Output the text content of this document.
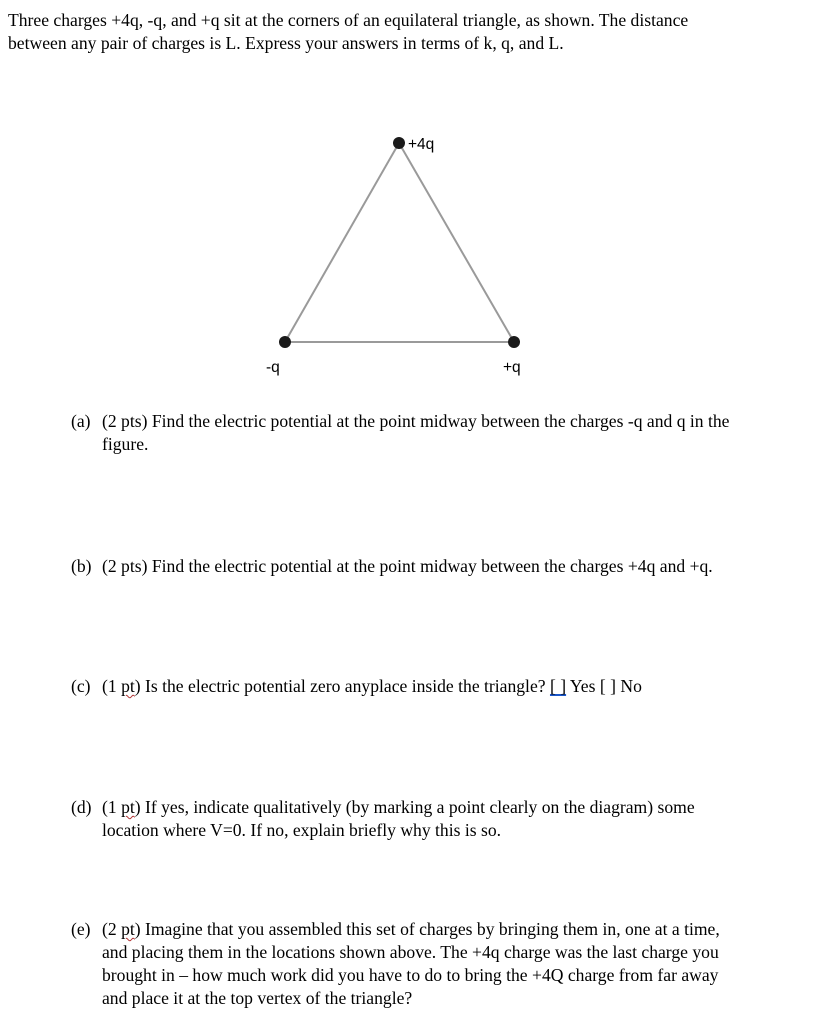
Three charges +4q, -q, and +q sit at the corners of an equilateral triangle, as shown. The distance
between any pair of charges is L. Express your answers in terms of k, q, and L.
+4q
-q	+q
(a) (2 pts) Find the electric potential at the point midway between the charges -q and q in the
figure.
(b) (2 pts) Find the electric potential at the point midway between the charges +4q and +q.
(c) (1 pt) Is the electric potential zero anyplace inside the triangle? [ ] Yes [ ] No
(d) (1 pt) If yes, indicate qualitatively (by marking a point clearly on the diagram) some
location where V=0. If no, explain briefly why this is so.
(e) (2 pt) Imagine that you assembled this set of charges by bringing them in, one at a time,
and placing them in the locations shown above. The +4q charge was the last charge you
brought in – how much work did you have to do to bring the +4Q charge from far away
and place it at the top vertex of the triangle?
